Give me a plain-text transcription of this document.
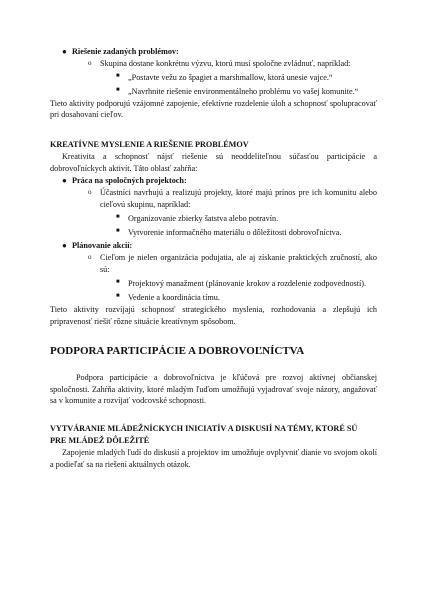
● Riešenie zadaných problémov:
o Skupina dostane konkrétnu výzvu, ktorú musí spoločne zvládnuť, napríklad:
■ „Postavte vežu zo špagiet a marshmallow, ktorá unesie vajce.“
■ „Navrhnite riešenie environmentálneho problému vo vašej komunite.“

Tieto aktivity podporujú vzájomné zapojenie, efektívne rozdelenie úloh a schopnosť spolupracovať pri dosahovaní cieľov.

KREATÍVNE MYSLENIE A RIEŠENIE PROBLÉMOV

Kreativita a schopnosť nájsť riešenie sú neoddeliteľnou súčasťou participácie a dobrovoľníckych aktivít. Táto oblasť zahŕňa:

● Práca na spoločných projektoch:
o Účastníci navrhujú a realizujú projekty, ktoré majú prínos pre ich komunitu alebo cieľovú skupinu, napríklad:
■ Organizovanie zbierky šatstva alebo potravín.
■ Vytvorenie informačného materiálu o dôležitosti dobrovoľníctva.
● Plánovanie akcií:
o Cieľom je nielen organizácia podujatia, ale aj získanie praktických zručností, ako sú:
■ Projektový manažment (plánovanie krokov a rozdelenie zodpovedností).
■ Vedenie a koordinácia tímu.

Tieto aktivity rozvíjajú schopnosť strategického myslenia, rozhodovania a zlepšujú ich pripravenosť riešiť rôzne situácie kreatívnym spôsobom.

PODPORA PARTICIPÁCIE A DOBROVOĽNÍCTVA

Podpora participácie a dobrovoľníctva je kľúčová pre rozvoj aktívnej občianskej spoločnosti. Zahŕňa aktivity, ktoré mladým ľuďom umožňujú vyjadrovať svoje názory, angažovať sa v komunite a rozvíjať vodcovské schopnosti.

VYTVÁRANIE MLÁDEŽNÍCKYCH INICIATÍV A DISKUSIÍ NA TÉMY, KTORÉ SÚ
PRE MLÁDEŽ DÔLEŽITÉ

Zapojenie mladých ľudí do diskusií a projektov im umožňuje ovplyvniť dianie vo svojom okolí a podieľať sa na riešení aktuálnych otázok.
